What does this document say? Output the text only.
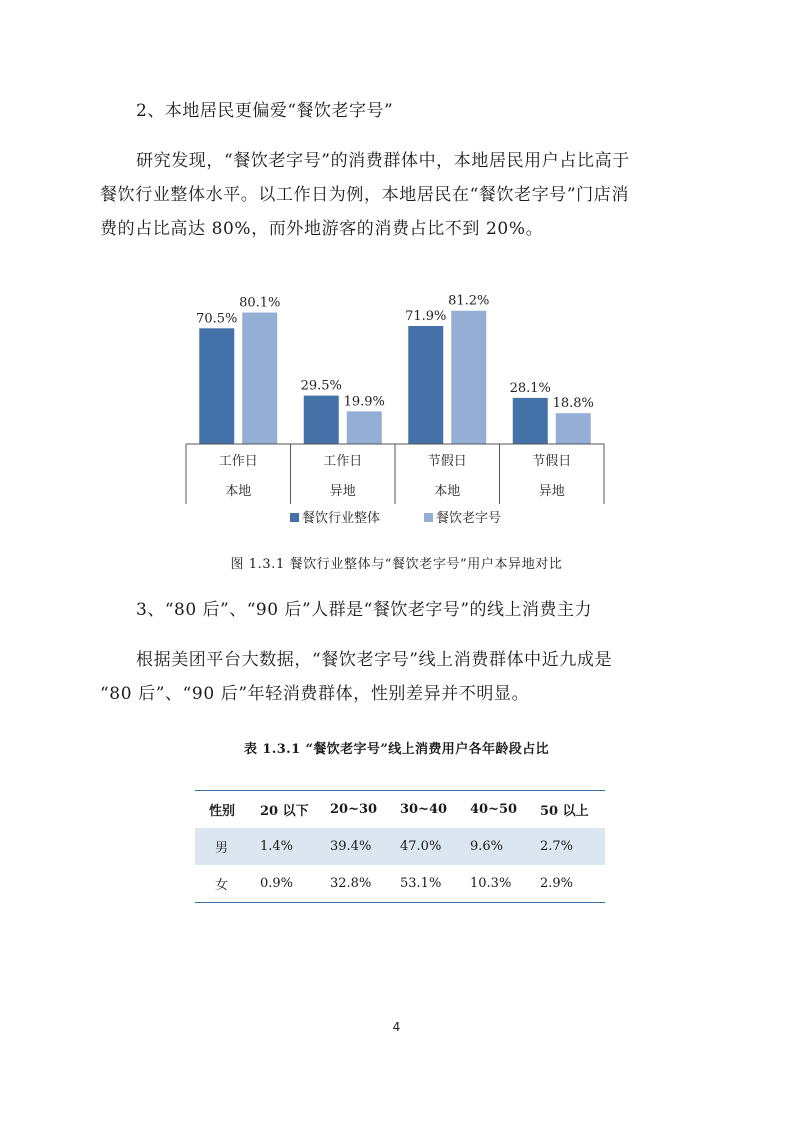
2、本地居民更偏爱“餐饮老字号”
研究发现，“餐饮老字号”的消费群体中，本地居民用户占比高于
餐饮行业整体水平。以工作日为例，本地居民在“餐饮老字号”门店消
费的占比高达 80%，而外地游客的消费占比不到 20%。
70.5%
80.1%
29.5%
19.9%
71.9%
81.2%
28.1%
18.8%
工作日
本地
工作日
异地
节假日
本地
节假日
异地
餐饮行业整体	餐饮老字号
图 1.3.1 餐饮行业整体与“餐饮老字号”用户本异地对比
3、“80 后”、“90 后”人群是“餐饮老字号”的线上消费主力
根据美团平台大数据，“餐饮老字号”线上消费群体中近九成是
“80 后”、“90 后”年轻消费群体，性别差异并不明显。
表 1.3.1 “餐饮老字号”线上消费用户各年龄段占比
性别	20 以下	20~30	30~40	40~50	50 以上
男	1.4%	39.4%	47.0%	9.6%	2.7%
女	0.9%	32.8%	53.1%	10.3%	2.9%
4
